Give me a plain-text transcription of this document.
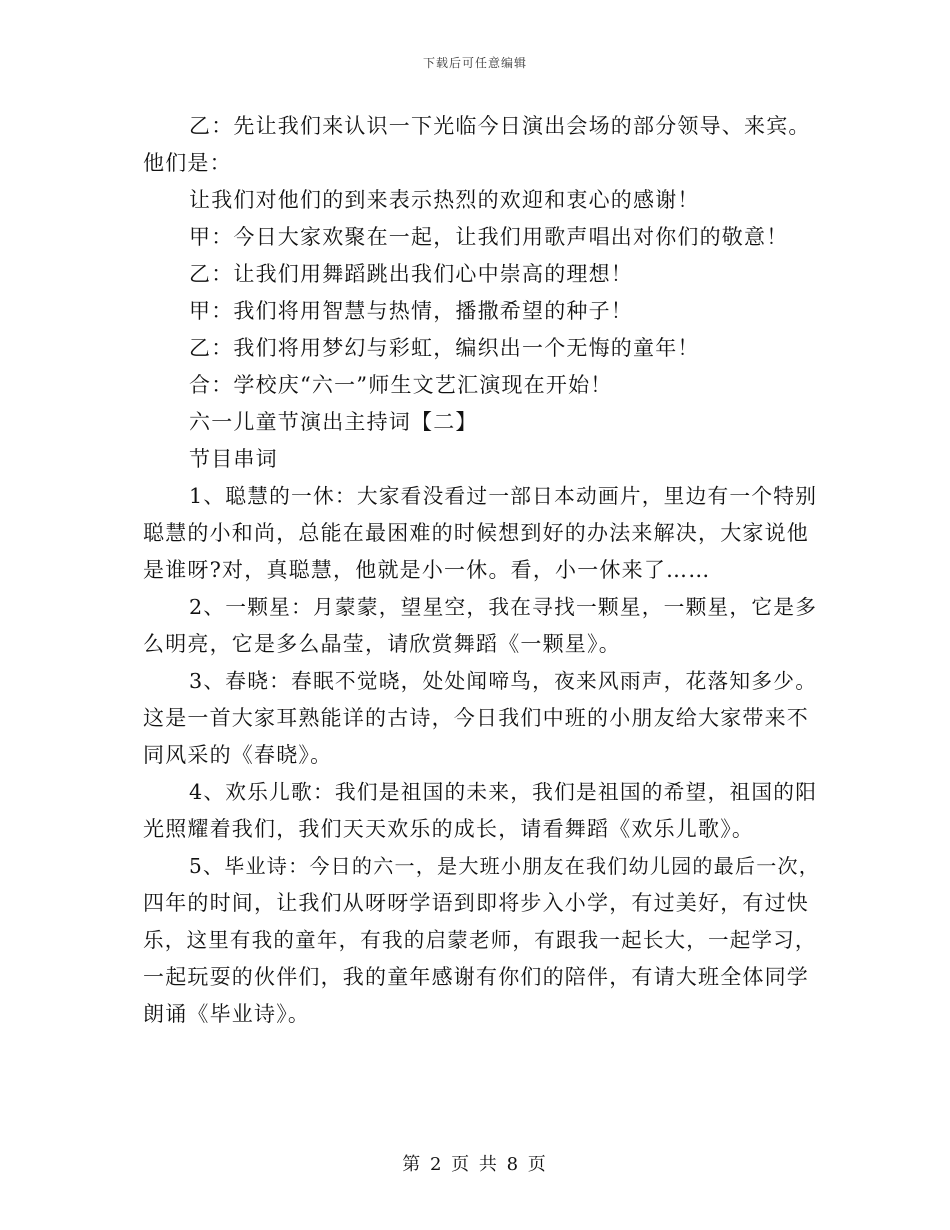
下载后可任意编辑
乙：先让我们来认识一下光临今日演出会场的部分领导、来宾。
他们是：
让我们对他们的到来表示热烈的欢迎和衷心的感谢！
甲：今日大家欢聚在一起，让我们用歌声唱出对你们的敬意！
乙：让我们用舞蹈跳出我们心中崇高的理想！
甲：我们将用智慧与热情，播撒希望的种子！
乙：我们将用梦幻与彩虹，编织出一个无悔的童年！
合：学校庆“六一”师生文艺汇演现在开始！
六一儿童节演出主持词【二】
节目串词
1、聪慧的一休：大家看没看过一部日本动画片，里边有一个特别
聪慧的小和尚，总能在最困难的时候想到好的办法来解决，大家说他
是谁呀?对，真聪慧，他就是小一休。看，小一休来了……
2、一颗星：月蒙蒙，望星空，我在寻找一颗星，一颗星，它是多
么明亮，它是多么晶莹，请欣赏舞蹈《一颗星》。
3、春晓：春眠不觉晓，处处闻啼鸟，夜来风雨声，花落知多少。
这是一首大家耳熟能详的古诗，今日我们中班的小朋友给大家带来不
同风采的《春晓》。
4、欢乐儿歌：我们是祖国的未来，我们是祖国的希望，祖国的阳
光照耀着我们，我们天天欢乐的成长，请看舞蹈《欢乐儿歌》。
5、毕业诗：今日的六一，是大班小朋友在我们幼儿园的最后一次，
四年的时间，让我们从呀呀学语到即将步入小学，有过美好，有过快
乐，这里有我的童年，有我的启蒙老师，有跟我一起长大，一起学习，
一起玩耍的伙伴们，我的童年感谢有你们的陪伴，有请大班全体同学
朗诵《毕业诗》。
第 2 页 共 8 页
